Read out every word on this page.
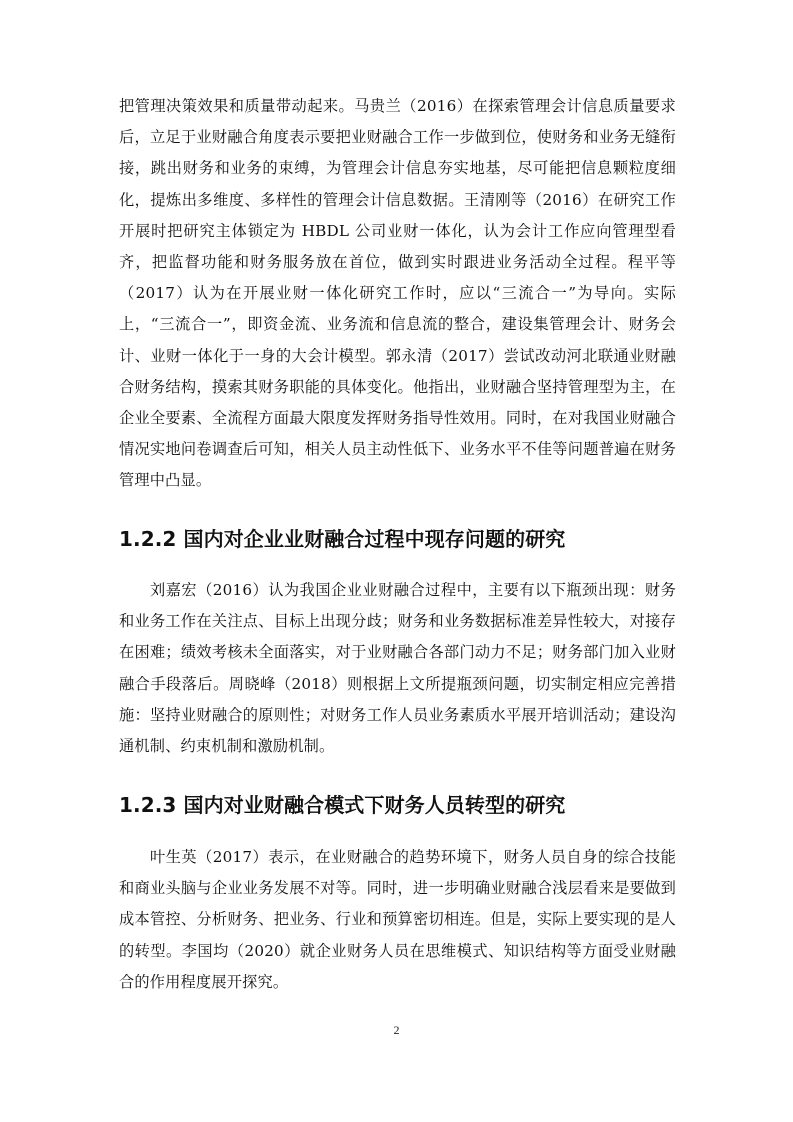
把管理决策效果和质量带动起来。马贵兰（2016）在探索管理会计信息质量要求后，立足于业财融合角度表示要把业财融合工作一步做到位，使财务和业务无缝衔接，跳出财务和业务的束缚，为管理会计信息夯实地基，尽可能把信息颗粒度细化，提炼出多维度、多样性的管理会计信息数据。王清刚等（2016）在研究工作开展时把研究主体锁定为 HBDL 公司业财一体化，认为会计工作应向管理型看齐，把监督功能和财务服务放在首位，做到实时跟进业务活动全过程。程平等（2017）认为在开展业财一体化研究工作时，应以“三流合一”为导向。实际上，“三流合一”，即资金流、业务流和信息流的整合，建设集管理会计、财务会计、业财一体化于一身的大会计模型。郭永清（2017）尝试改动河北联通业财融合财务结构，摸索其财务职能的具体变化。他指出，业财融合坚持管理型为主，在企业全要素、全流程方面最大限度发挥财务指导性效用。同时，在对我国业财融合情况实地问卷调查后可知，相关人员主动性低下、业务水平不佳等问题普遍在财务管理中凸显。

1.2.2 国内对企业业财融合过程中现存问题的研究

刘嘉宏（2016）认为我国企业业财融合过程中，主要有以下瓶颈出现：财务和业务工作在关注点、目标上出现分歧；财务和业务数据标准差异性较大，对接存在困难；绩效考核未全面落实，对于业财融合各部门动力不足；财务部门加入业财融合手段落后。周晓峰（2018）则根据上文所提瓶颈问题，切实制定相应完善措施：坚持业财融合的原则性；对财务工作人员业务素质水平展开培训活动；建设沟通机制、约束机制和激励机制。

1.2.3 国内对业财融合模式下财务人员转型的研究

叶生英（2017）表示，在业财融合的趋势环境下，财务人员自身的综合技能和商业头脑与企业业务发展不对等。同时，进一步明确业财融合浅层看来是要做到成本管控、分析财务、把业务、行业和预算密切相连。但是，实际上要实现的是人的转型。李国均（2020）就企业财务人员在思维模式、知识结构等方面受业财融合的作用程度展开探究。

2
